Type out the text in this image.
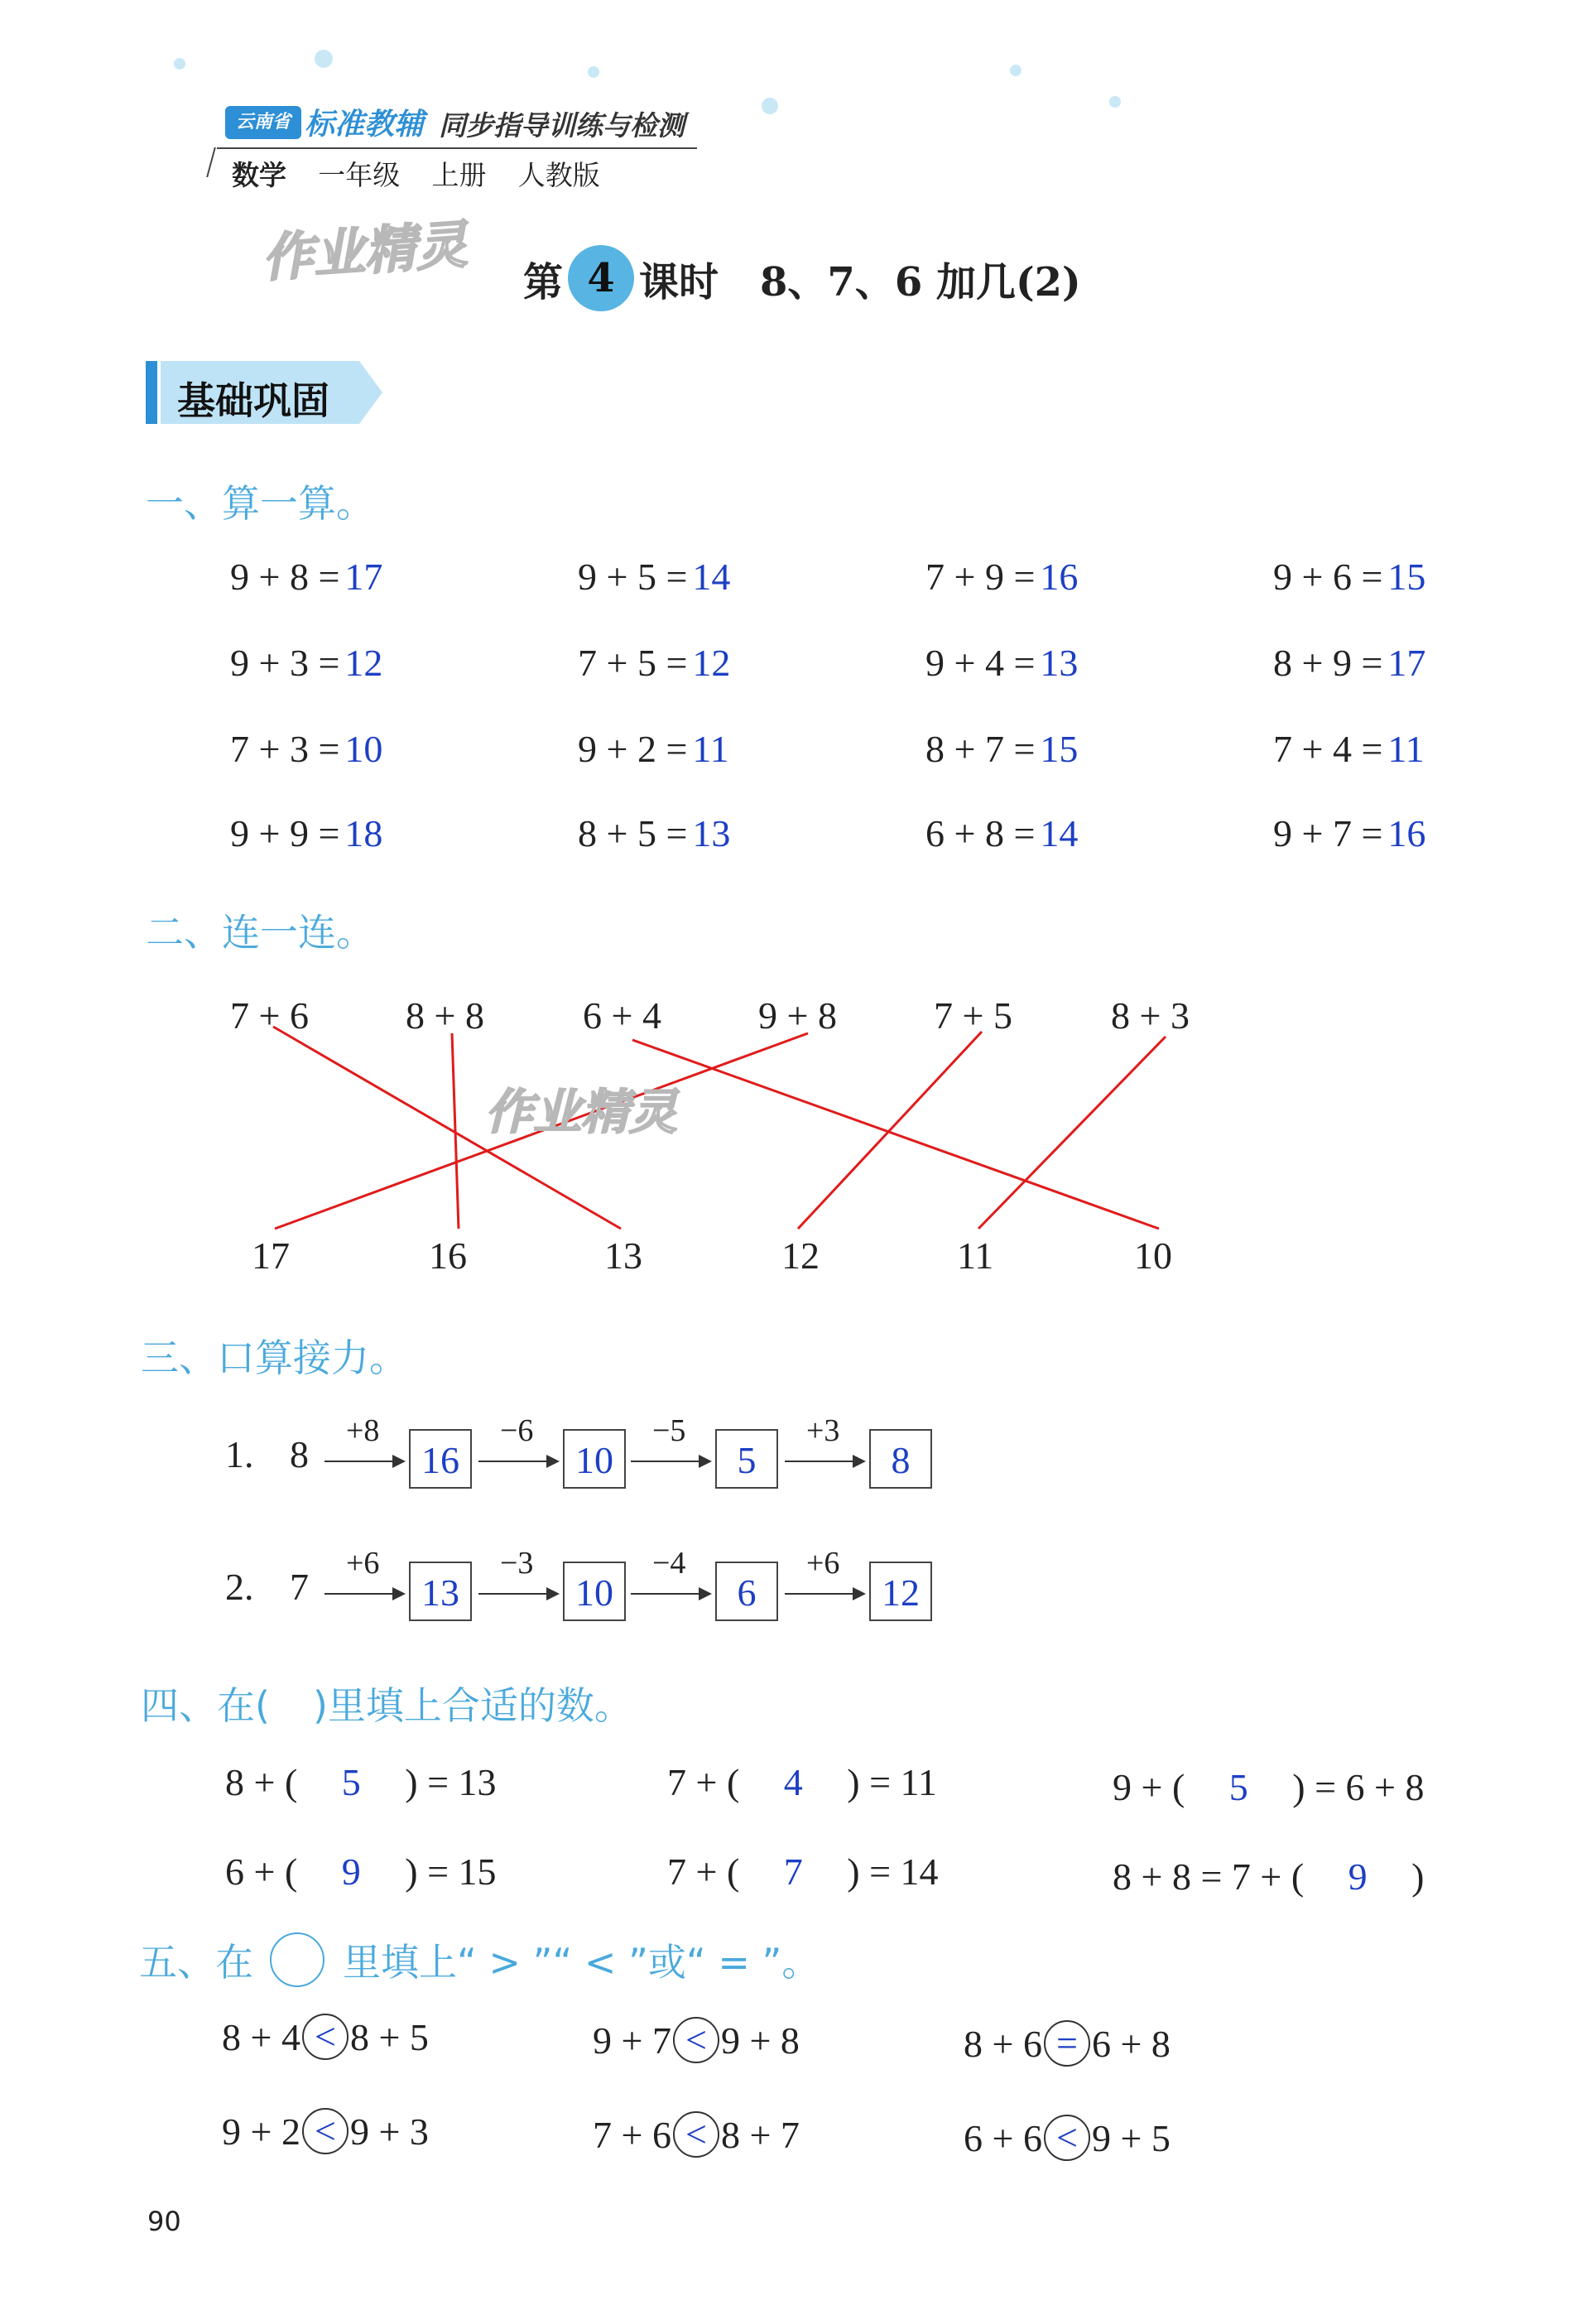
云南省 标准教辅 同步指导训练与检测
数学 一年级 上册 人教版
作业精灵 第 4 课时 8、7、6 加几(2)
基础巩固
一、算一算。
9 + 8 = 17	9 + 5 = 14	7 + 9 = 16	9 + 6 = 15
9 + 3 = 12	7 + 5 = 12	9 + 4 = 13	8 + 9 = 17
7 + 3 = 10	9 + 2 = 11	8 + 7 = 15	7 + 4 = 11
9 + 9 = 18	8 + 5 = 13	6 + 8 = 14	9 + 7 = 16
二、连一连。
7 + 6	8 + 8	6 + 4	9 + 8	7 + 5	8 + 3
17	16	13	12	11	10
作业精灵
三、口算接力。
1. 8
+8
16
−6
10
−5
5
+3
8
2. 7
+6
13
−3
10
−4
6
+6
12
四、在( )里填上合适的数。
8 + ( 5 ) = 13	7 + ( 4 ) = 11	9 + ( 5 ) = 6 + 8
6 + ( 9 ) = 15	7 + ( 7 ) = 14	8 + 8 = 7 + ( 9 )
五、在 里填上“ > ”“ < ”或“ = ”。
8 + 4 < 8 + 5	9 + 7 < 9 + 8	8 + 6 = 6 + 8
9 + 2 < 9 + 3	7 + 6 < 8 + 7	6 + 6 < 9 + 5
90
